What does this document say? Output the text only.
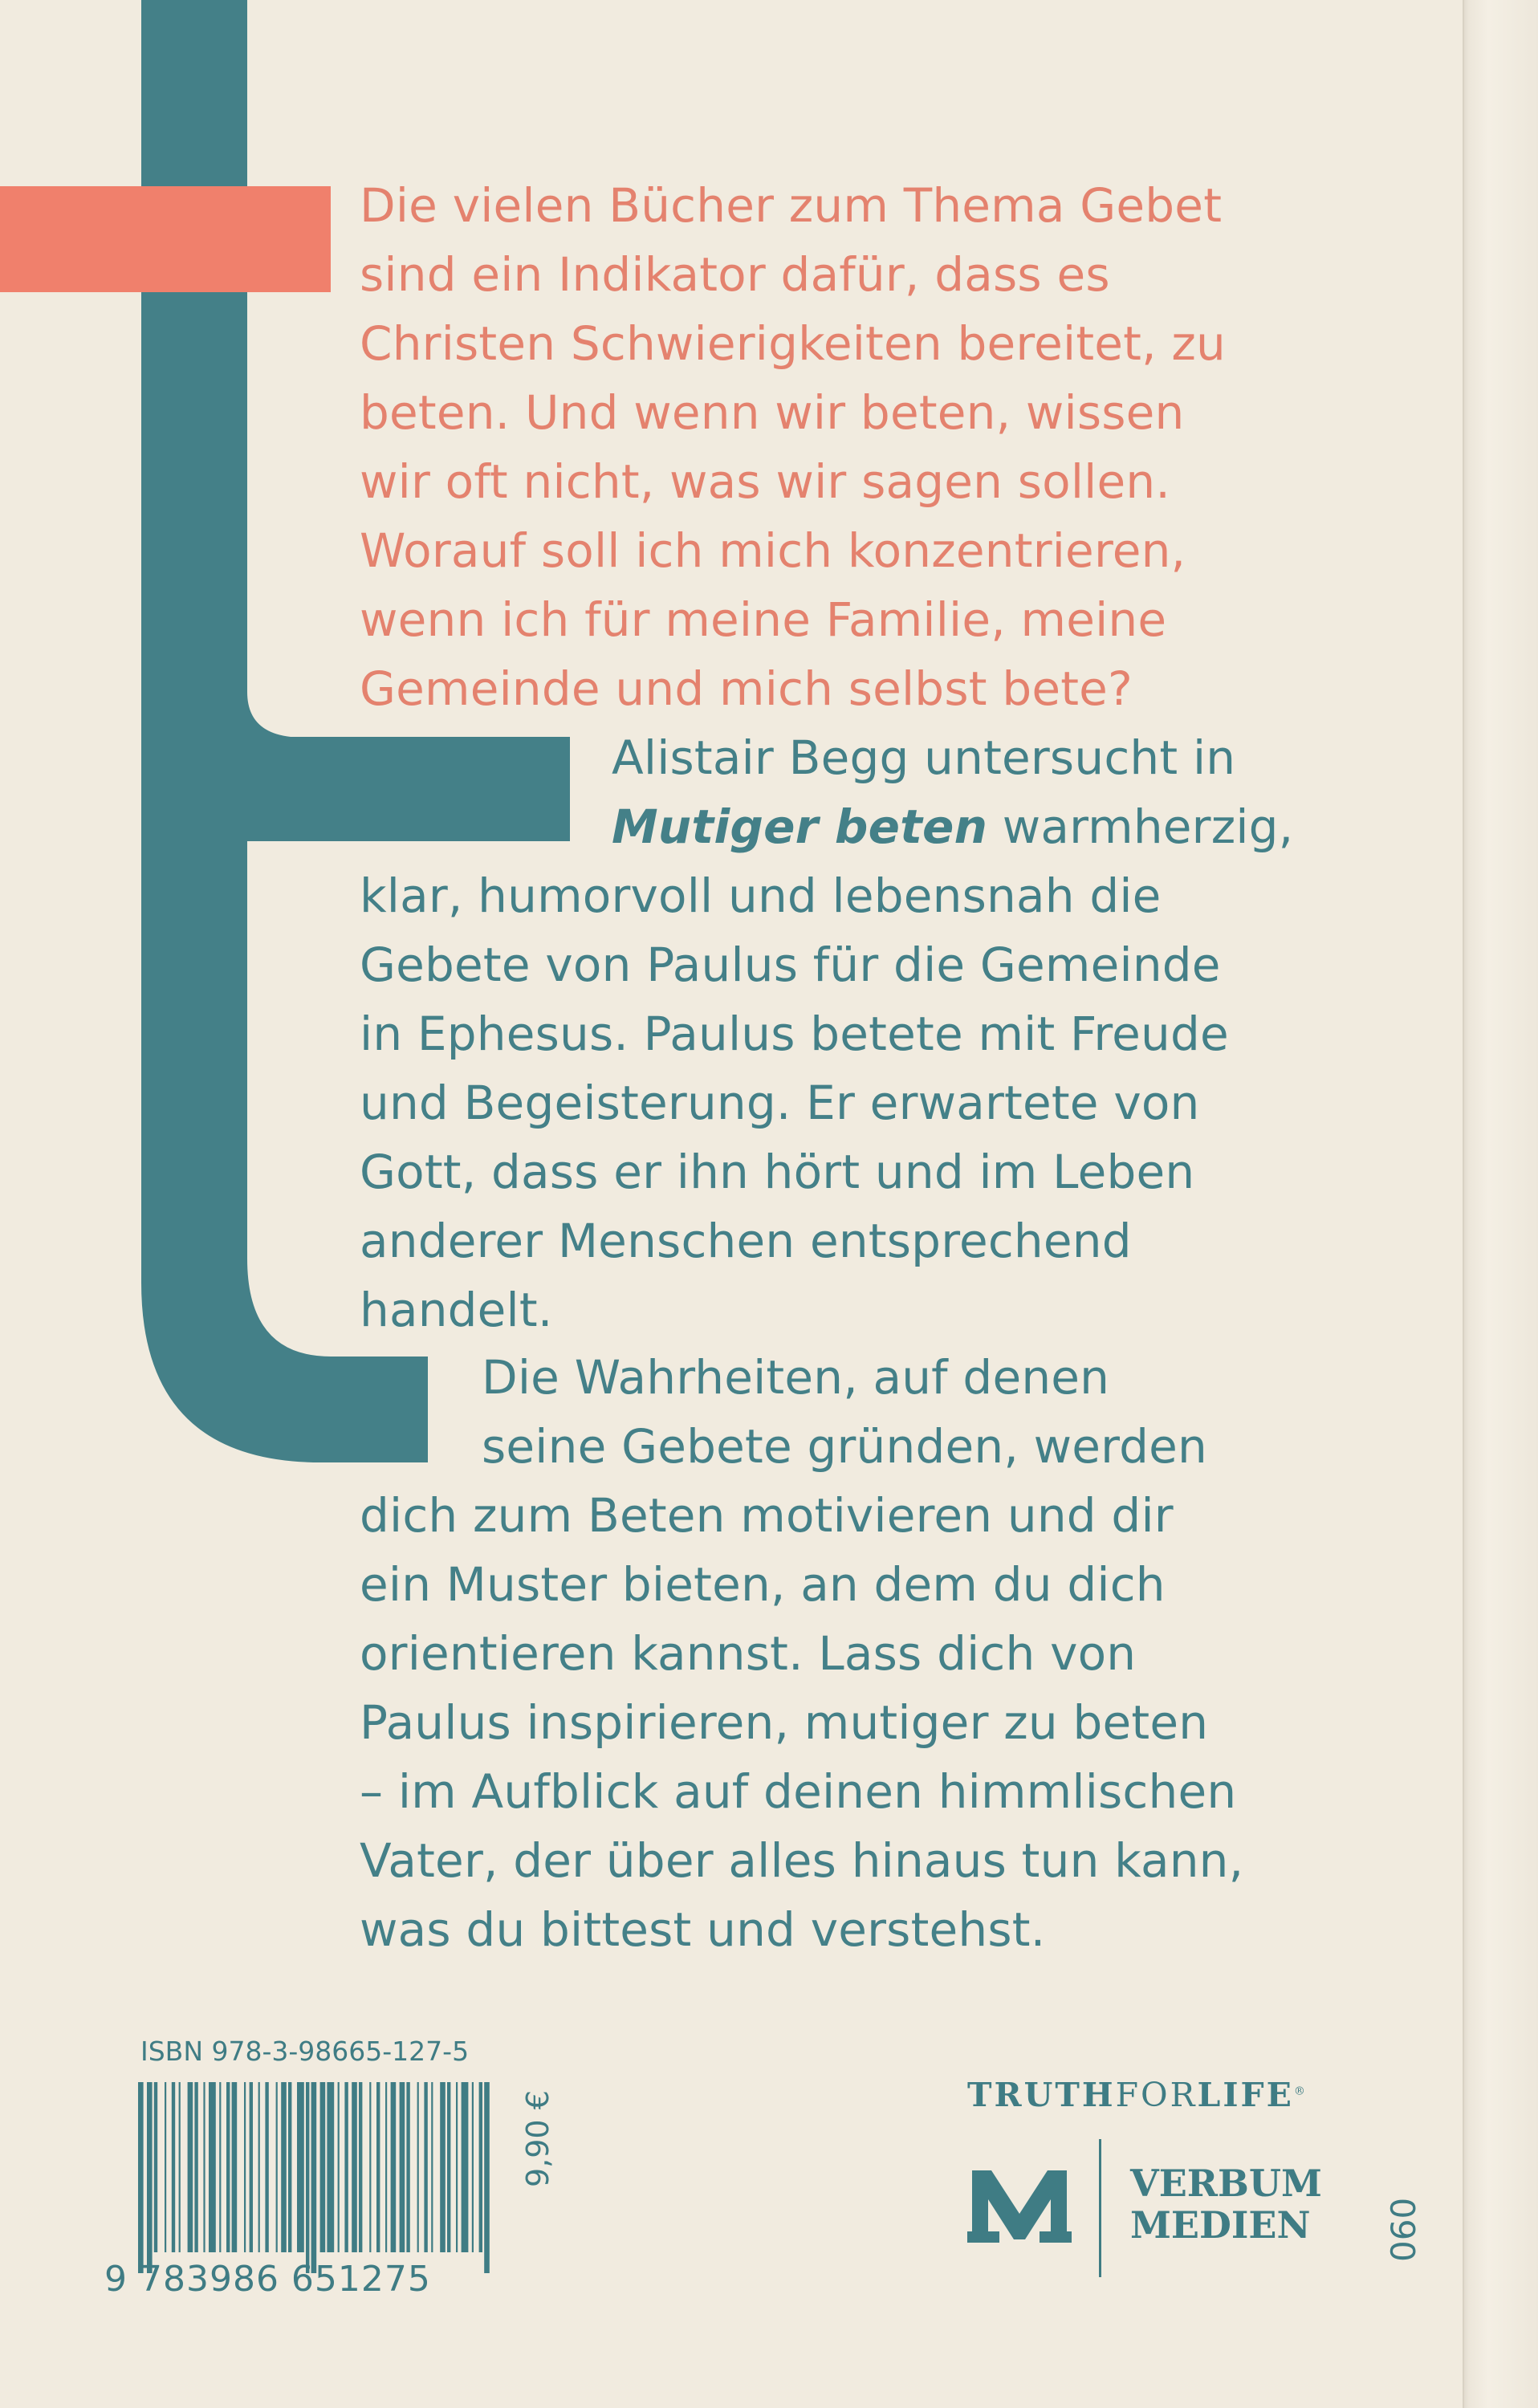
Die vielen Bücher zum Thema Gebet
sind ein Indikator dafür, dass es
Christen Schwierigkeiten bereitet, zu
beten. Und wenn wir beten, wissen
wir oft nicht, was wir sagen sollen.
Worauf soll ich mich konzentrieren,
wenn ich für meine Familie, meine
Gemeinde und mich selbst bete?
Alistair Begg untersucht in
Mutiger beten warmherzig,
klar, humorvoll und lebensnah die
Gebete von Paulus für die Gemeinde
in Ephesus. Paulus betete mit Freude
und Begeisterung. Er erwartete von
Gott, dass er ihn hört und im Leben
anderer Menschen entsprechend
handelt.
Die Wahrheiten, auf denen
seine Gebete gründen, werden
dich zum Beten motivieren und dir
ein Muster bieten, an dem du dich
orientieren kannst. Lass dich von
Paulus inspirieren, mutiger zu beten
– im Aufblick auf deinen himmlischen
Vater, der über alles hinaus tun kann,
was du bittest und verstehst.
ISBN 978-3-98665-127-5
9 783986 651275
9,90 €	TRUTHFORLIFE®
VERBUM
MEDIEN	060
